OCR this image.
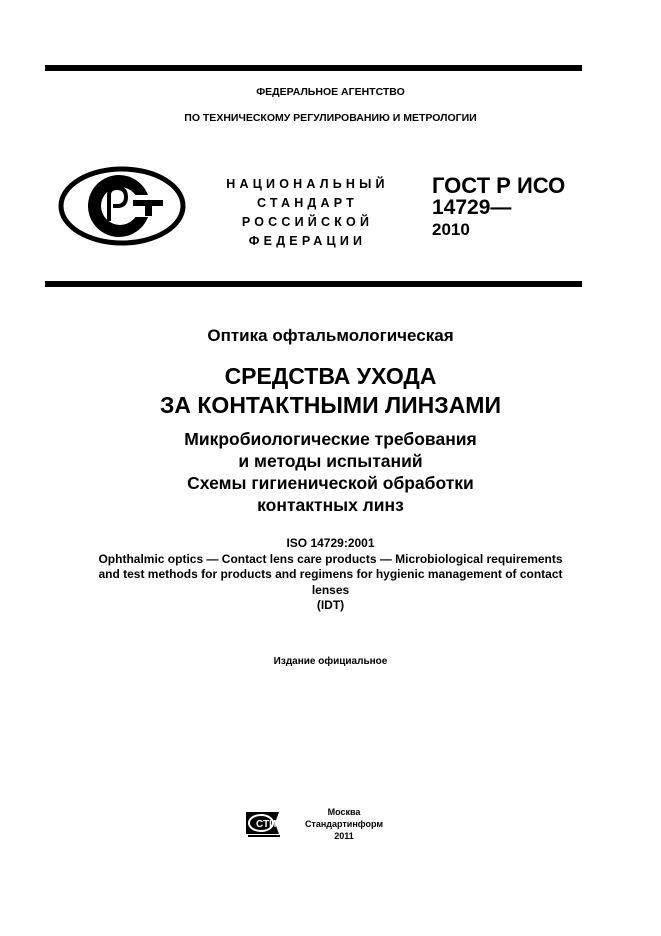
ФЕДЕРАЛЬНОЕ АГЕНТСТВО
ПО ТЕХНИЧЕСКОМУ РЕГУЛИРОВАНИЮ И МЕТРОЛОГИИ
НАЦИОНАЛЬНЫЙ
СТАНДАРТ
РОССИЙСКОЙ
ФЕДЕРАЦИИ
ГОСТ Р ИСО
14729—
2010
Оптика офтальмологическая
СРЕДСТВА УХОДА
ЗА КОНТАКТНЫМИ ЛИНЗАМИ
Микробиологические требования
и методы испытаний
Схемы гигиенической обработки
контактных линз
ISO 14729:2001
Ophthalmic optics — Contact lens care products — Microbiological requirements
and test methods for products and regimens for hygienic management of contact
lenses
(IDT)
Издание официальное
СТИ
Москва
Стандартинформ
2011
